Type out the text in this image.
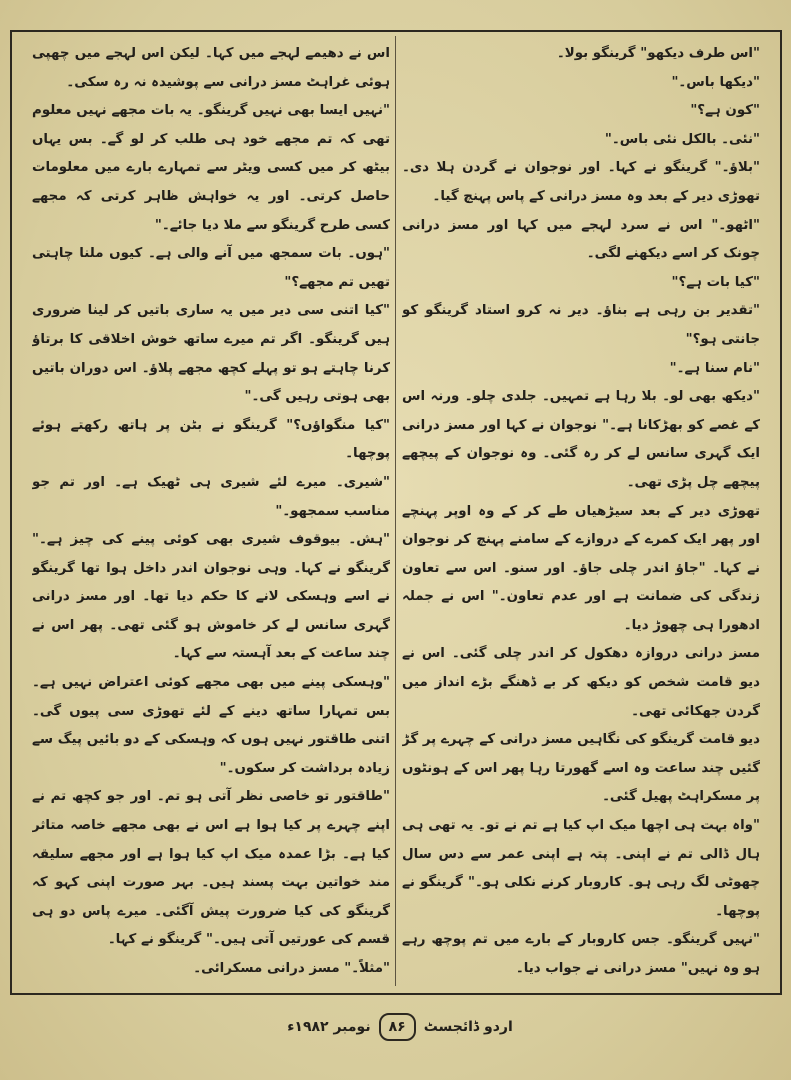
"اس طرف دیکھو" گرینگو بولا۔

"دیکھا باس۔"

"کون ہے؟"

"نئی۔ بالکل نئی باس۔"

"بلاؤ۔" گرینگو نے کہا۔ اور نوجوان نے گردن ہلا دی۔ تھوڑی دیر کے بعد وہ مسز درانی کے پاس پہنچ گیا۔

"اٹھو۔" اس نے سرد لہجے میں کہا اور مسز درانی چونک کر اسے دیکھنے لگی۔

"کیا بات ہے؟"

"تقدیر بن رہی ہے بناؤ۔ دیر نہ کرو استاد گرینگو کو جانتی ہو؟"

"نام سنا ہے۔"

"دیکھ بھی لو۔ بلا رہا ہے تمہیں۔ جلدی چلو۔ ورنہ اس کے غصے کو بھڑکانا ہے۔" نوجوان نے کہا اور مسز درانی ایک گہری سانس لے کر رہ گئی۔ وہ نوجوان کے پیچھے پیچھے چل پڑی تھی۔

تھوڑی دیر کے بعد سیڑھیاں طے کر کے وہ اوپر پہنچے اور پھر ایک کمرے کے دروازے کے سامنے پہنچ کر نوجوان نے کہا۔ "جاؤ اندر چلی جاؤ۔ اور سنو۔ اس سے تعاون زندگی کی ضمانت ہے اور عدم تعاون۔" اس نے جملہ ادھورا ہی چھوڑ دیا۔

مسز درانی دروازہ دھکول کر اندر چلی گئی۔ اس نے دیو قامت شخص کو دیکھ کر بے ڈھنگے بڑے انداز میں گردن جھکائی تھی۔

دیو قامت گرینگو کی نگاہیں مسز درانی کے چہرے پر گڑ گئیں چند ساعت وہ اسے گھورتا رہا پھر اس کے ہونٹوں پر مسکراہٹ پھیل گئی۔

"واہ بہت ہی اچھا میک اپ کیا ہے تم نے تو۔ یہ تھی ہی ہال ڈالی تم نے اپنی۔ پتہ ہے اپنی عمر سے دس سال چھوٹی لگ رہی ہو۔ کاروبار کرنے نکلی ہو۔" گرینگو نے پوچھا۔

"نہیں گرینگو۔ جس کاروبار کے بارے میں تم پوچھ رہے ہو وہ نہیں" مسز درانی نے جواب دیا۔

اس نے دھیمے لہجے میں کہا۔ لیکن اس لہجے میں چھپی ہوئی غراہٹ مسز درانی سے پوشیدہ نہ رہ سکی۔

"نہیں ایسا بھی نہیں گرینگو۔ یہ بات مجھے نہیں معلوم تھی کہ تم مجھے خود ہی طلب کر لو گے۔ بس یہاں بیٹھ کر میں کسی ویٹر سے تمہارے بارے میں معلومات حاصل کرتی۔ اور یہ خواہش ظاہر کرتی کہ مجھے کسی طرح گرینگو سے ملا دیا جائے۔"

"ہوں۔ بات سمجھ میں آنے والی ہے۔ کیوں ملنا چاہتی تھیں تم مجھے؟"

"کیا اتنی سی دیر میں یہ ساری باتیں کر لینا ضروری ہیں گرینگو۔ اگر تم میرے ساتھ خوش اخلاقی کا برتاؤ کرنا چاہتے ہو تو پہلے کچھ مجھے پلاؤ۔ اس دوران باتیں بھی ہوتی رہیں گی۔"

"کیا منگواؤں؟" گرینگو نے بٹن پر ہاتھ رکھتے ہوئے پوچھا۔

"شیری۔ میرے لئے شیری ہی ٹھیک ہے۔ اور تم جو مناسب سمجھو۔"

"ہش۔ بیوقوف شیری بھی کوئی پینے کی چیز ہے۔" گرینگو نے کہا۔ وہی نوجوان اندر داخل ہوا تھا گرینگو نے اسے وہسکی لانے کا حکم دیا تھا۔ اور مسز درانی گہری سانس لے کر خاموش ہو گئی تھی۔ پھر اس نے چند ساعت کے بعد آہستہ سے کہا۔

"وہسکی پینے میں بھی مجھے کوئی اعتراض نہیں ہے۔ بس تمہارا ساتھ دینے کے لئے تھوڑی سی پیوں گی۔ اتنی طاقتور نہیں ہوں کہ وہسکی کے دو بائیں پیگ سے زیادہ برداشت کر سکوں۔"

"طاقتور تو خاصی نظر آتی ہو تم۔ اور جو کچھ تم نے اپنے چہرے پر کیا ہوا ہے اس نے بھی مجھے خاصہ متاثر کیا ہے۔ بڑا عمدہ میک اپ کیا ہوا ہے اور مجھے سلیقہ مند خواتین بہت پسند ہیں۔ بہر صورت اپنی کہو کہ گرینگو کی کیا ضرورت پیش آگئی۔ میرے پاس دو ہی قسم کی عورتیں آتی ہیں۔" گرینگو نے کہا۔

"مثلاً۔" مسز درانی مسکرائی۔

اردو ڈائجسٹ
۸۶
نومبر ۱۹۸۲ء
